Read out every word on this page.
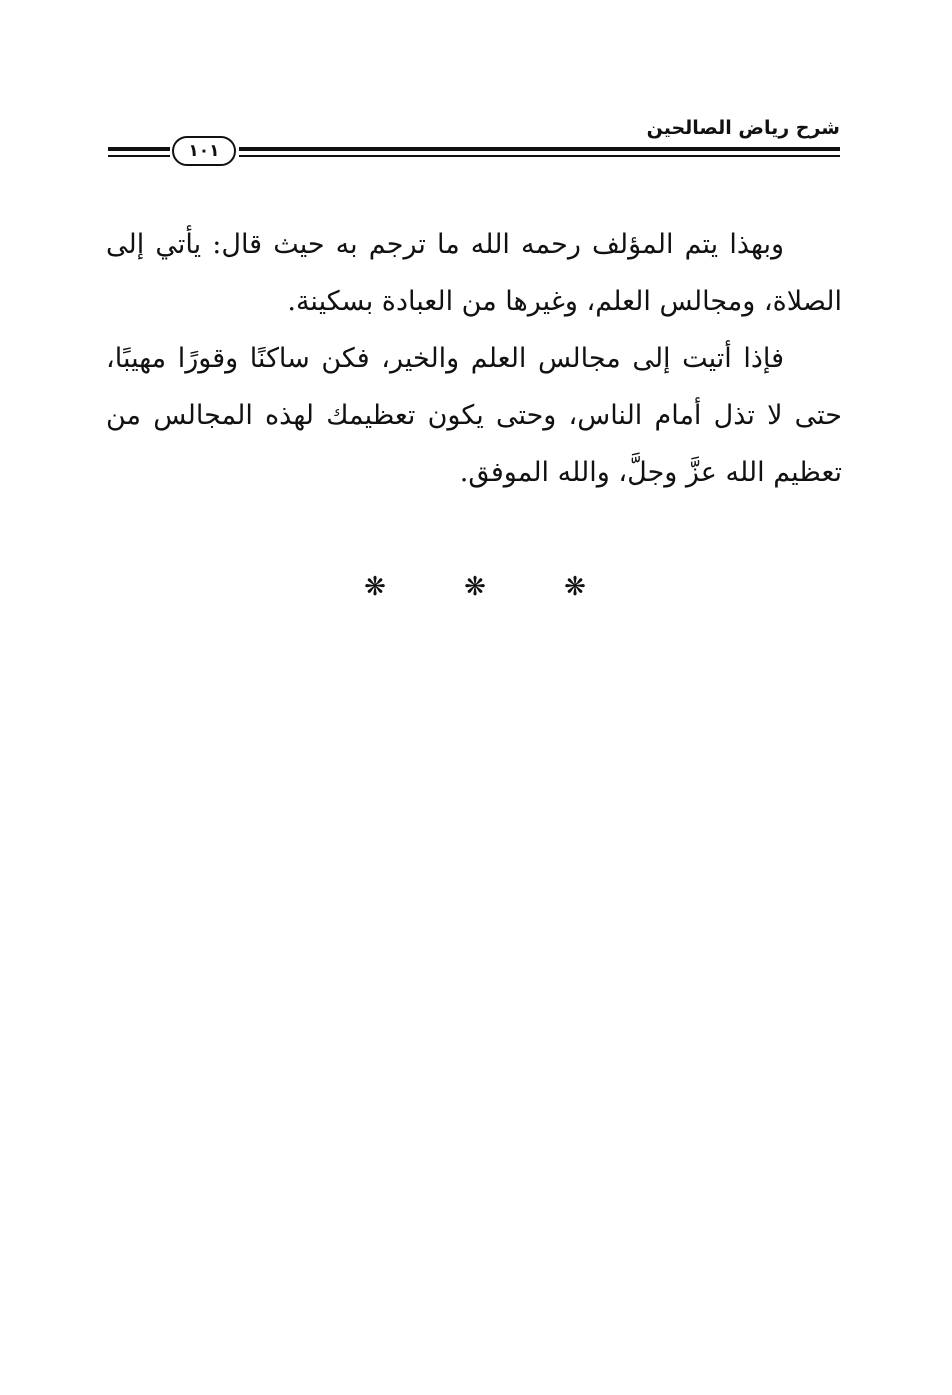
شرح رياض الصالحين
١٠١

وبهذا يتم المؤلف رحمه الله ما ترجم به حيث قال: يأتي إلى الصلاة، ومجالس العلم، وغيرها من العبادة بسكينة.

فإذا أتيت إلى مجالس العلم والخير، فكن ساكنًا وقورًا مهيبًا، حتى لا تذل أمام الناس، وحتى يكون تعظيمك لهذه المجالس من تعظيم الله عزَّ وجلَّ، والله الموفق.

❋	❋	❋
